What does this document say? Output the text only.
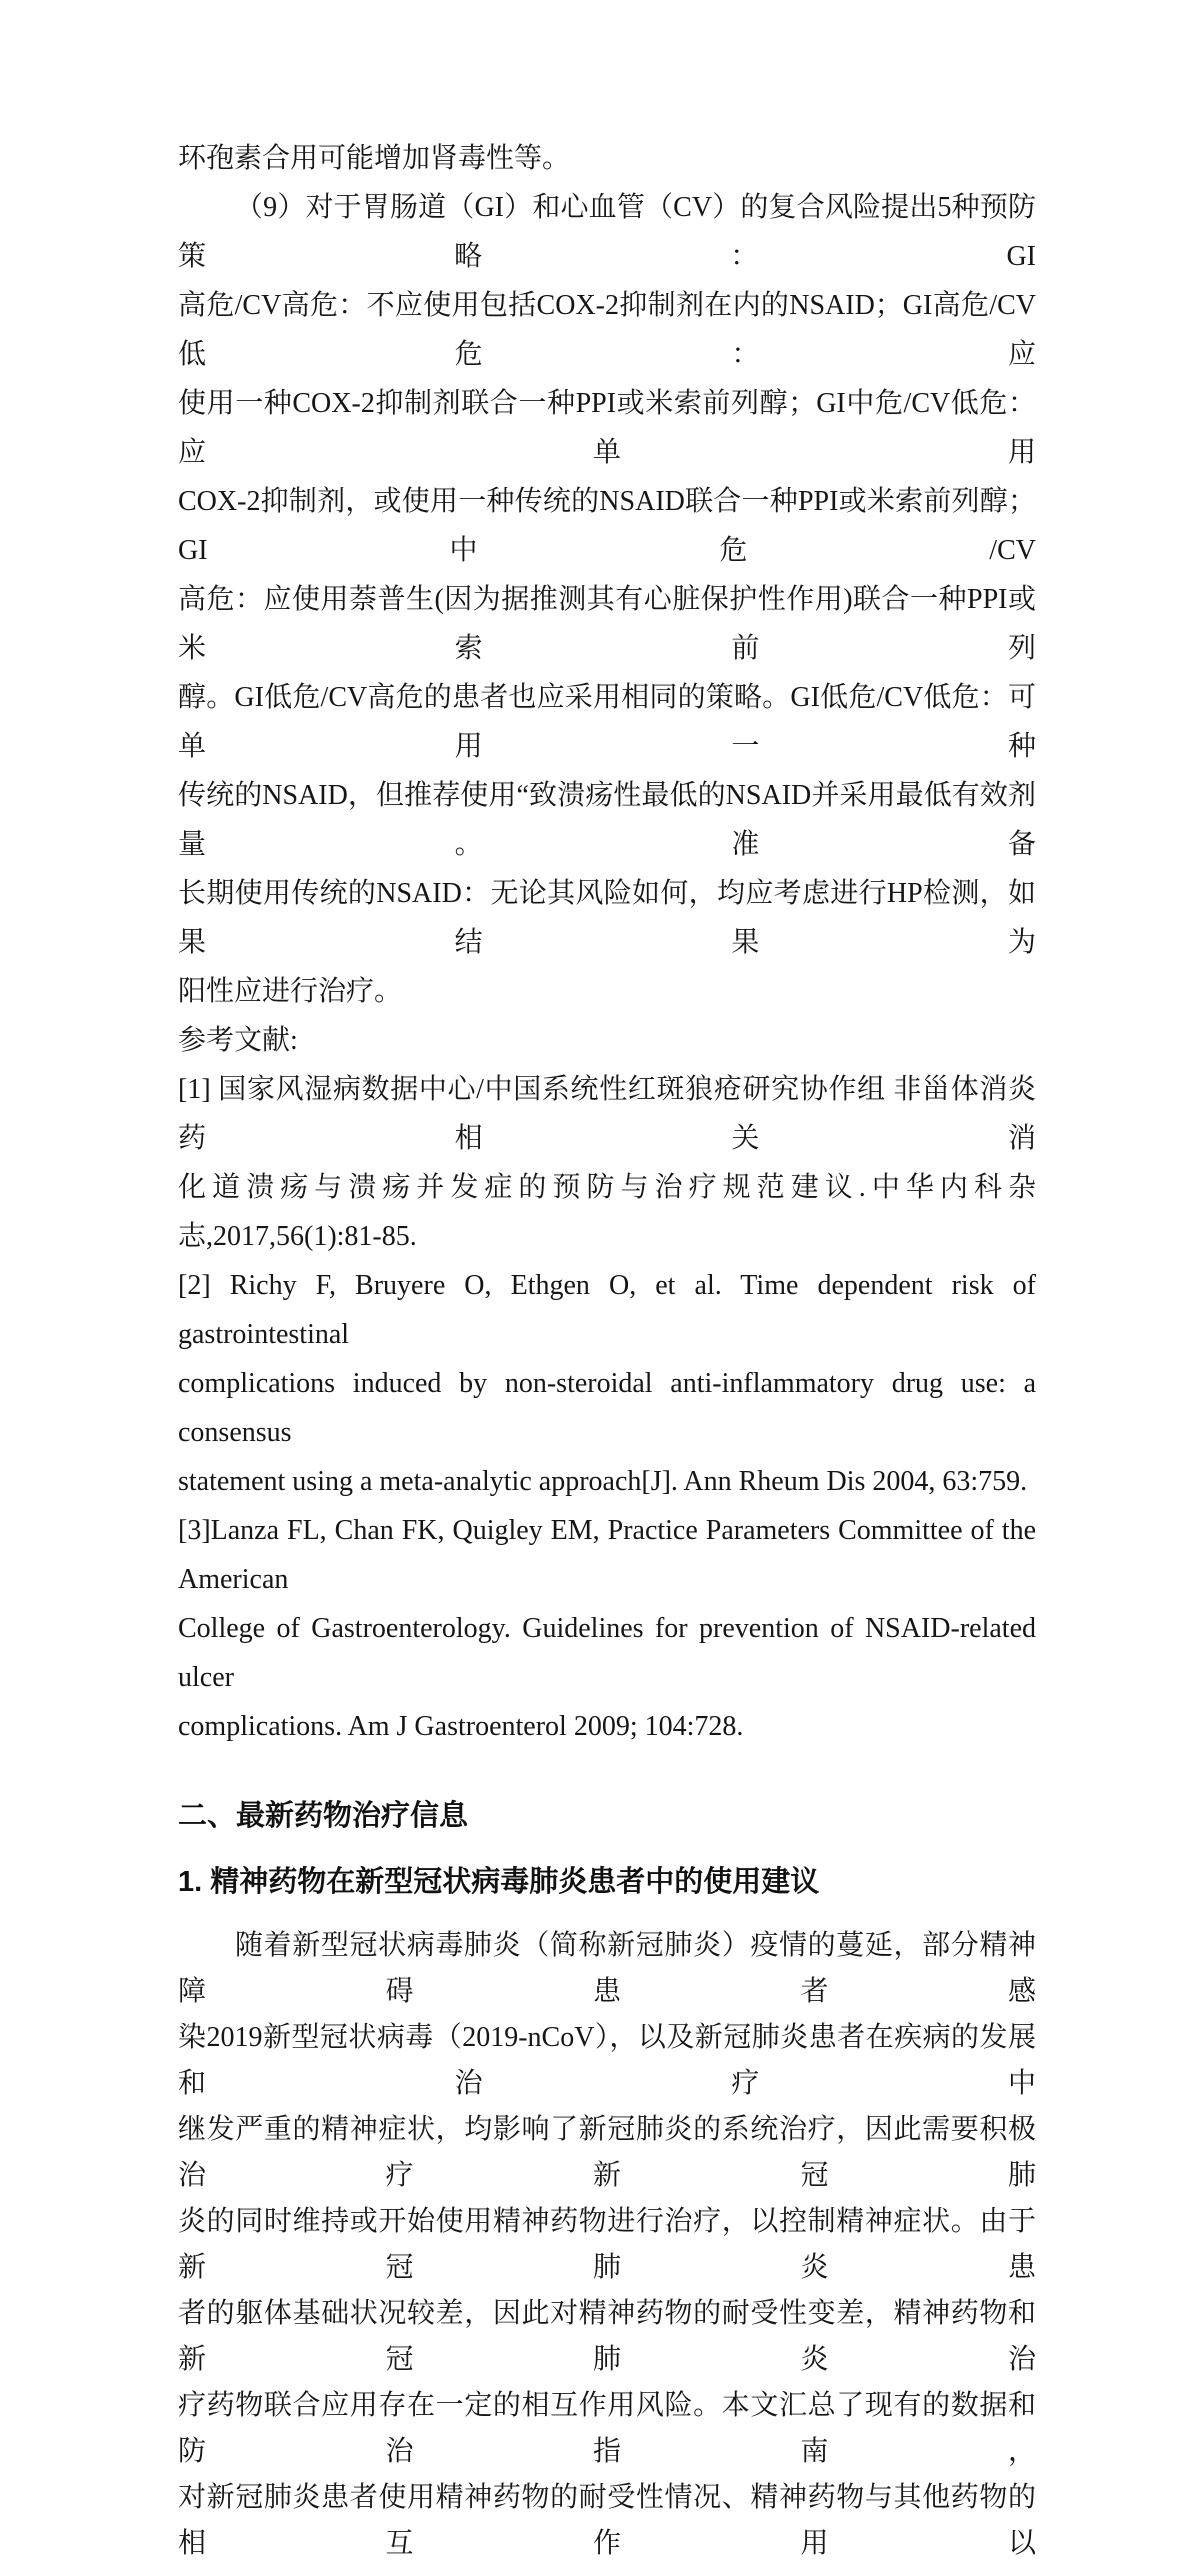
环孢素合用可能增加肾毒性等。
（9）对于胃肠道（GI）和心血管（CV）的复合风险提出5种预防策略：GI
高危/CV高危：不应使用包括COX-2抑制剂在内的NSAID；GI高危/CV低危：应
使用一种COX-2抑制剂联合一种PPI或米索前列醇；GI中危/CV低危：应单用
COX-2抑制剂，或使用一种传统的NSAID联合一种PPI或米索前列醇；GI中危/CV
高危：应使用萘普生(因为据推测其有心脏保护性作用)联合一种PPI或米索前列
醇。GI低危/CV高危的患者也应采用相同的策略。GI低危/CV低危：可单用一种
传统的NSAID，但推荐使用“致溃疡性最低的NSAID并采用最低有效剂量。准备
长期使用传统的NSAID：无论其风险如何，均应考虑进行HP检测，如果结果为
阳性应进行治疗。
参考文献:
[1] 国家风湿病数据中心/中国系统性红斑狼疮研究协作组 非甾体消炎药相关消
化道溃疡与溃疡并发症的预防与治疗规范建议.中华内科杂志,2017,56(1):81-85.
[2] Richy F, Bruyere O, Ethgen O, et al. Time dependent risk of gastrointestinal
complications induced by non-steroidal anti-inflammatory drug use: a consensus
statement using a meta-analytic approach[J]. Ann Rheum Dis 2004, 63:759.
[3]Lanza FL, Chan FK, Quigley EM, Practice Parameters Committee of the American
College of Gastroenterology. Guidelines for prevention of NSAID-related ulcer
complications. Am J Gastroenterol 2009; 104:728.
二、最新药物治疗信息
1. 精神药物在新型冠状病毒肺炎患者中的使用建议
随着新型冠状病毒肺炎（简称新冠肺炎）疫情的蔓延，部分精神障碍患者感
染2019新型冠状病毒（2019-nCoV），以及新冠肺炎患者在疾病的发展和治疗中
继发严重的精神症状，均影响了新冠肺炎的系统治疗，因此需要积极治疗新冠肺
炎的同时维持或开始使用精神药物进行治疗，以控制精神症状。由于新冠肺炎患
者的躯体基础状况较差，因此对精神药物的耐受性变差，精神药物和新冠肺炎治
疗药物联合应用存在一定的相互作用风险。本文汇总了现有的数据和防治指南，
对新冠肺炎患者使用精神药物的耐受性情况、精神药物与其他药物的相互作用以
